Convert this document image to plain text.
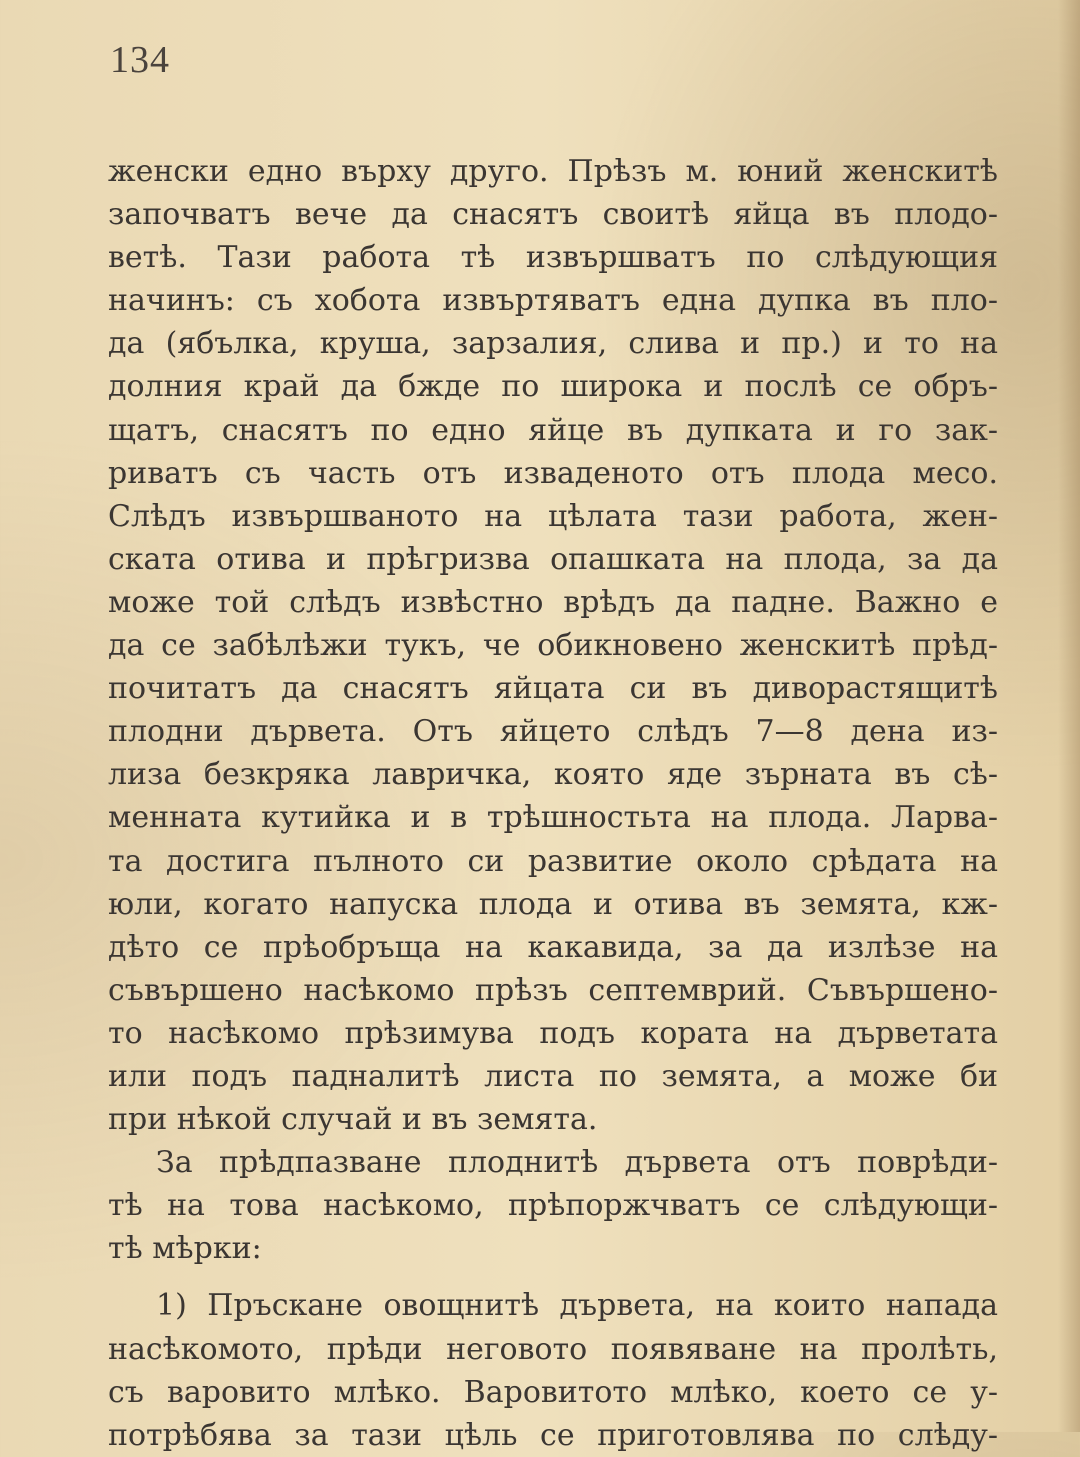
134
женски едно върху друго. Прѣзъ м. юний женскитѣ
започватъ вече да снасятъ своитѣ яйца въ плодо-
ветѣ. Тази работа тѣ извършватъ по слѣдующия
начинъ: съ хобота извъртяватъ една дупка въ пло-
да (ябълка, круша, зарзалия, слива и пр.) и то на
долния край да бжде по широка и послѣ се обръ-
щатъ, снасятъ по едно яйце въ дупката и го зак-
риватъ съ часть отъ изваденото отъ плода месо.
Слѣдъ извършваното на цѣлата тази работа, жен-
ската отива и прѣгризва опашката на плода, за да
може той слѣдъ извѣстно врѣдъ да падне. Важно е
да се забѣлѣжи тукъ, че обикновено женскитѣ прѣд-
почитатъ да снасятъ яйцата си въ диворастящитѣ
плодни дървета. Отъ яйцето слѣдъ 7—8 дена из-
лиза безкряка лавричка, която яде зърната въ сѣ-
менната кутийка и в трѣшностьта на плода. Ларва-
та достига пълното си развитие около срѣдата на
юли, когато напуска плода и отива въ земята, кж-
дѣто се прѣобръща на какавида, за да излѣзе на
съвършено насѣкомо прѣзъ септемврий. Съвършено-
то насѣкомо прѣзимува подъ кората на дърветата
или подъ падналитѣ листа по земята, а може би
при нѣкой случай и въ земята.
За прѣдпазване плоднитѣ дървета отъ поврѣди-
тѣ на това насѣкомо, прѣпоржчватъ се слѣдующи-
тѣ мѣрки:
1) Пръскане овощнитѣ дървета, на които напада
насѣкомото, прѣди неговото появяване на пролѣть,
съ варовито млѣко. Варовитото млѣко, което се у-
потрѣбява за тази цѣль се приготовлява по слѣду-
